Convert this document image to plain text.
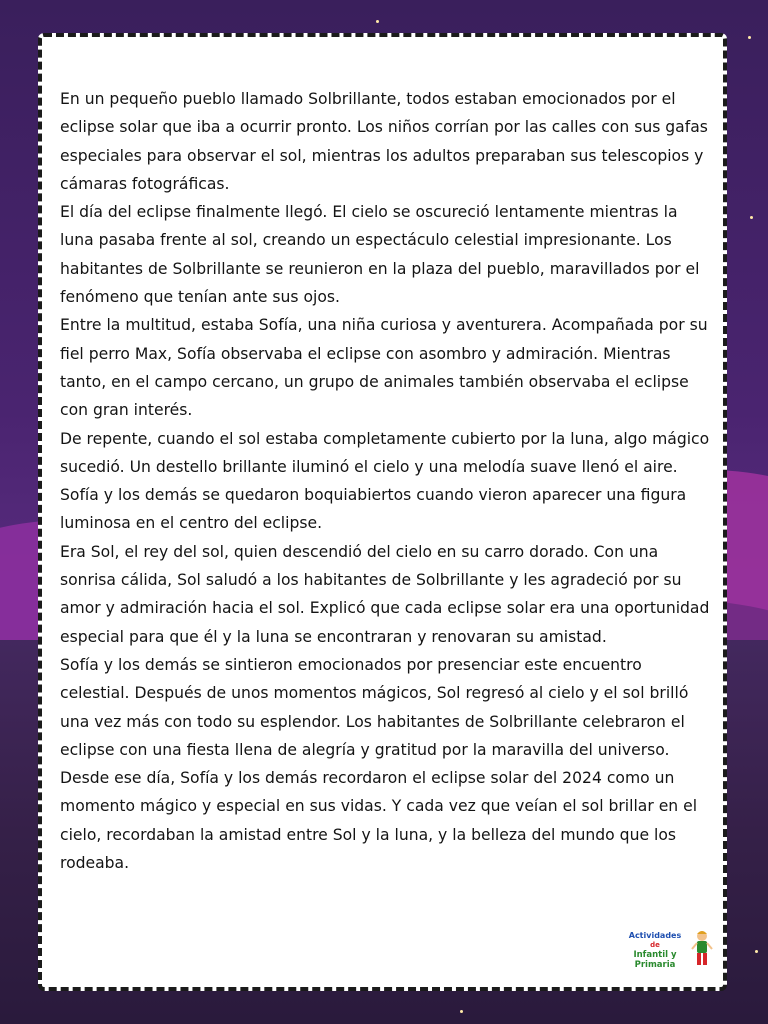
En un pequeño pueblo llamado Solbrillante, todos estaban emocionados por el eclipse solar que iba a ocurrir pronto. Los niños corrían por las calles con sus gafas especiales para observar el sol, mientras los adultos preparaban sus telescopios y cámaras fotográficas.

El día del eclipse finalmente llegó. El cielo se oscureció lentamente mientras la luna pasaba frente al sol, creando un espectáculo celestial impresionante. Los habitantes de Solbrillante se reunieron en la plaza del pueblo, maravillados por el fenómeno que tenían ante sus ojos.

Entre la multitud, estaba Sofía, una niña curiosa y aventurera. Acompañada por su fiel perro Max, Sofía observaba el eclipse con asombro y admiración. Mientras tanto, en el campo cercano, un grupo de animales también observaba el eclipse con gran interés.

De repente, cuando el sol estaba completamente cubierto por la luna, algo mágico sucedió. Un destello brillante iluminó el cielo y una melodía suave llenó el aire. Sofía y los demás se quedaron boquiabiertos cuando vieron aparecer una figura luminosa en el centro del eclipse.

Era Sol, el rey del sol, quien descendió del cielo en su carro dorado. Con una sonrisa cálida, Sol saludó a los habitantes de Solbrillante y les agradeció por su amor y admiración hacia el sol. Explicó que cada eclipse solar era una oportunidad especial para que él y la luna se encontraran y renovaran su amistad.

Sofía y los demás se sintieron emocionados por presenciar este encuentro celestial. Después de unos momentos mágicos, Sol regresó al cielo y el sol brilló una vez más con todo su esplendor. Los habitantes de Solbrillante celebraron el eclipse con una fiesta llena de alegría y gratitud por la maravilla del universo.

Desde ese día, Sofía y los demás recordaron el eclipse solar del 2024 como un momento mágico y especial en sus vidas. Y cada vez que veían el sol brillar en el cielo, recordaban la amistad entre Sol y la luna, y la belleza del mundo que los rodeaba.

Actividades
de
Infantil y Primaria
